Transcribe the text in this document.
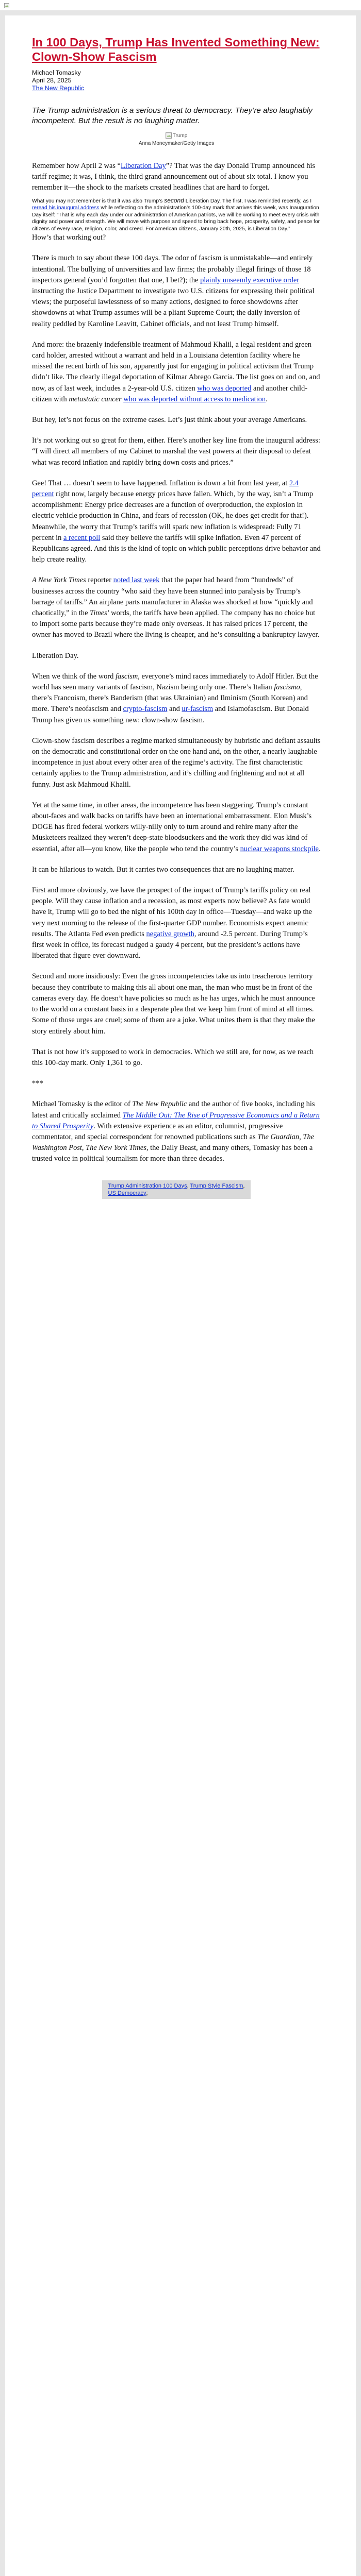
In 100 Days, Trump Has Invented Something New: Clown-Show Fascism
Michael Tomasky
April 28, 2025
The New Republic
The Trump administration is a serious threat to democracy. They’re also laughably incompetent. But the result is no laughing matter.
Trump
Anna Moneymaker/Getty Images

Remember how April 2 was “Liberation Day”? That was the day Donald Trump announced his tariff regime; it was, I think, the third grand announcement out of about six total. I know you remember it—the shock to the markets created headlines that are hard to forget.

What you may not remember is that it was also Trump’s second Liberation Day. The first, I was reminded recently, as I reread his inaugural address while reflecting on the administration’s 100-day mark that arrives this week, was Inauguration Day itself: “That is why each day under our administration of American patriots, we will be working to meet every crisis with dignity and power and strength. We will move with purpose and speed to bring back hope, prosperity, safety, and peace for citizens of every race, religion, color, and creed. For American citizens, January 20th, 2025, is Liberation Day.”

How’s that working out?

There is much to say about these 100 days. The odor of fascism is unmistakable—and entirely intentional. The bullying of universities and law firms; the probably illegal firings of those 18 inspectors general (you’d forgotten that one, I bet?); the plainly unseemly executive order instructing the Justice Department to investigate two U.S. citizens for expressing their political views; the purposeful lawlessness of so many actions, designed to force showdowns after showdowns at what Trump assumes will be a pliant Supreme Court; the daily inversion of reality peddled by Karoline Leavitt, Cabinet officials, and not least Trump himself.

And more: the brazenly indefensible treatment of Mahmoud Khalil, a legal resident and green card holder, arrested without a warrant and held in a Louisiana detention facility where he missed the recent birth of his son, apparently just for engaging in political activism that Trump didn’t like. The clearly illegal deportation of Kilmar Abrego Garcia. The list goes on and on, and now, as of last week, includes a 2-year-old U.S. citizen who was deported and another child-citizen with metastatic cancer who was deported without access to medication.

But hey, let’s not focus on the extreme cases. Let’s just think about your average Americans.

It’s not working out so great for them, either. Here’s another key line from the inaugural address: “I will direct all members of my Cabinet to marshal the vast powers at their disposal to defeat what was record inflation and rapidly bring down costs and prices.”

Gee! That … doesn’t seem to have happened. Inflation is down a bit from last year, at 2.4 percent right now, largely because energy prices have fallen. Which, by the way, isn’t a Trump accomplishment: Energy price decreases are a function of overproduction, the explosion in electric vehicle production in China, and fears of recession (OK, he does get credit for that!). Meanwhile, the worry that Trump’s tariffs will spark new inflation is widespread: Fully 71 percent in a recent poll said they believe the tariffs will spike inflation. Even 47 percent of Republicans agreed. And this is the kind of topic on which public perceptions drive behavior and help create reality.

A New York Times reporter noted last week that the paper had heard from “hundreds” of businesses across the country “who said they have been stunned into paralysis by Trump’s barrage of tariffs.” An airplane parts manufacturer in Alaska was shocked at how “quickly and chaotically,” in the Times’ words, the tariffs have been applied. The company has no choice but to import some parts because they’re made only overseas. It has raised prices 17 percent, the owner has moved to Brazil where the living is cheaper, and he’s consulting a bankruptcy lawyer.

Liberation Day.

When we think of the word fascism, everyone’s mind races immediately to Adolf Hitler. But the world has seen many variants of fascism, Nazism being only one. There’s Italian fascismo, there’s Francoism, there’s Banderism (that was Ukrainian) and Ilminism (South Korean) and more. There’s neofascism and crypto-fascism and ur-fascism and Islamofascism. But Donald Trump has given us something new: clown-show fascism.

Clown-show fascism describes a regime marked simultaneously by hubristic and defiant assaults on the democratic and constitutional order on the one hand and, on the other, a nearly laughable incompetence in just about every other area of the regime’s activity. The first characteristic certainly applies to the Trump administration, and it’s chilling and frightening and not at all funny. Just ask Mahmoud Khalil.

Yet at the same time, in other areas, the incompetence has been staggering. Trump’s constant about-faces and walk backs on tariffs have been an international embarrassment. Elon Musk’s DOGE has fired federal workers willy-nilly only to turn around and rehire many after the Musketeers realized they weren’t deep-state bloodsuckers and the work they did was kind of essential, after all—you know, like the people who tend the country’s nuclear weapons stockpile.

It can be hilarious to watch. But it carries two consequences that are no laughing matter.

First and more obviously, we have the prospect of the impact of Trump’s tariffs policy on real people. Will they cause inflation and a recession, as most experts now believe? As fate would have it, Trump will go to bed the night of his 100th day in office—Tuesday—and wake up the very next morning to the release of the first-quarter GDP number. Economists expect anemic results. The Atlanta Fed even predicts negative growth, around -2.5 percent. During Trump’s first week in office, its forecast nudged a gaudy 4 percent, but the president’s actions have liberated that figure ever downward.

Second and more insidiously: Even the gross incompetencies take us into treacherous territory because they contribute to making this all about one man, the man who must be in front of the cameras every day. He doesn’t have policies so much as he has urges, which he must announce to the world on a constant basis in a desperate plea that we keep him front of mind at all times. Some of those urges are cruel; some of them are a joke. What unites them is that they make the story entirely about him.

That is not how it’s supposed to work in democracies. Which we still are, for now, as we reach this 100-day mark. Only 1,361 to go.

***

Michael Tomasky is the editor of The New Republic and the author of five books, including his latest and critically acclaimed The Middle Out: The Rise of Progressive Economics and a Return to Shared Prosperity. With extensive experience as an editor, columnist, progressive commentator, and special correspondent for renowned publications such as The Guardian, The Washington Post, The New York Times, the Daily Beast, and many others, Tomasky has been a trusted voice in political journalism for more than three decades.

Trump Administration 100 Days, Trump Style Fascism,
US Democracy;
